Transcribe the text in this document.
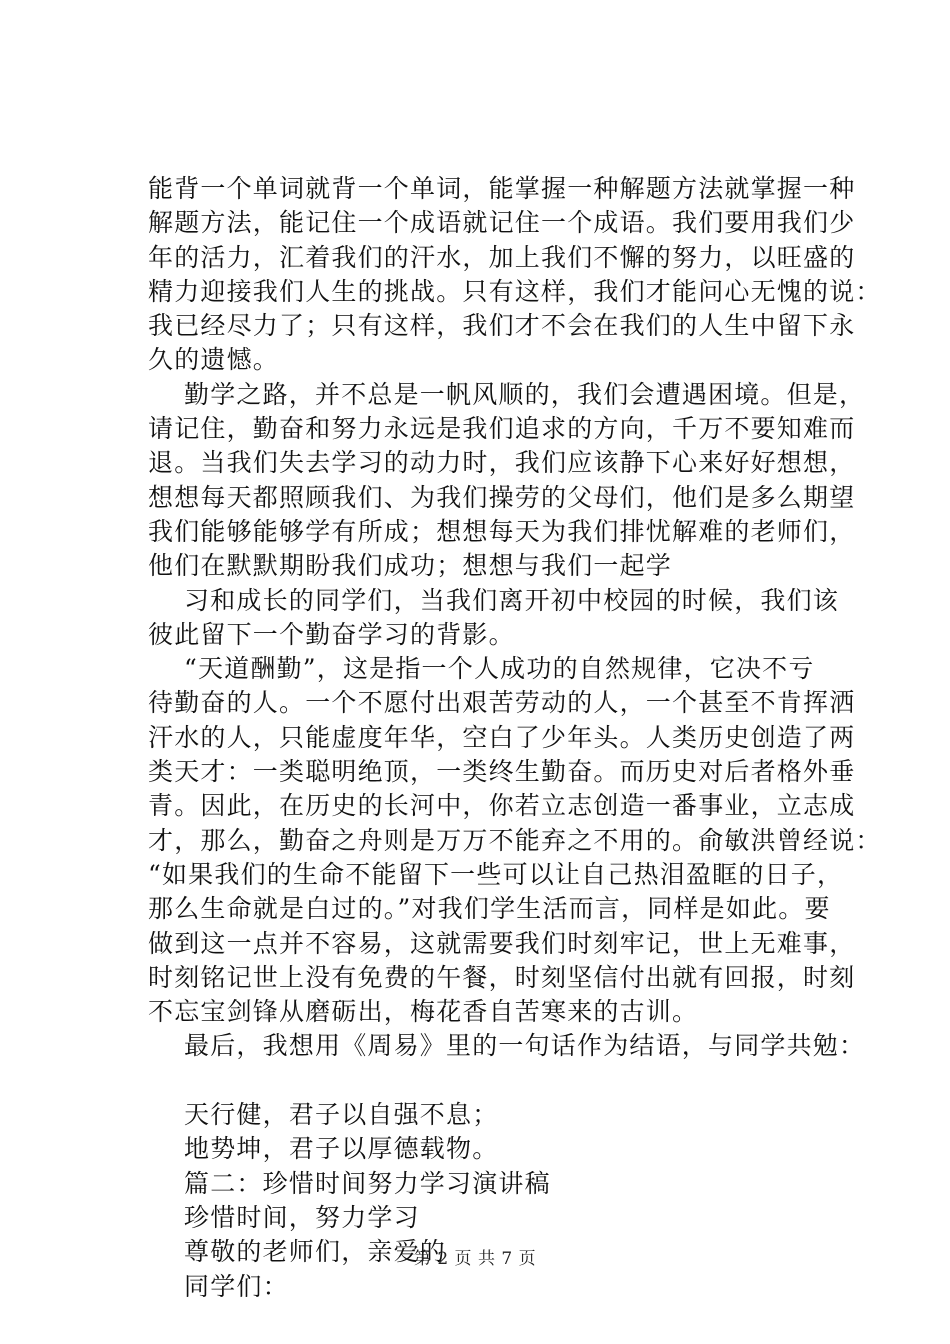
能背一个单词就背一个单词，能掌握一种解题方法就掌握一种
解题方法，能记住一个成语就记住一个成语。我们要用我们少
年的活力，汇着我们的汗水，加上我们不懈的努力，以旺盛的
精力迎接我们人生的挑战。只有这样，我们才能问心无愧的说：
我已经尽力了；只有这样，我们才不会在我们的人生中留下永
久的遗憾。
勤学之路，并不总是一帆风顺的，我们会遭遇困境。但是，
请记住，勤奋和努力永远是我们追求的方向，千万不要知难而
退。当我们失去学习的动力时，我们应该静下心来好好想想，
想想每天都照顾我们、为我们操劳的父母们，他们是多么期望
我们能够能够学有所成；想想每天为我们排忧解难的老师们，
他们在默默期盼我们成功；想想与我们一起学
习和成长的同学们，当我们离开初中校园的时候，我们该
彼此留下一个勤奋学习的背影。
“天道酬勤”，这是指一个人成功的自然规律，它决不亏
待勤奋的人。一个不愿付出艰苦劳动的人，一个甚至不肯挥洒
汗水的人，只能虚度年华，空白了少年头。人类历史创造了两
类天才：一类聪明绝顶，一类终生勤奋。而历史对后者格外垂
青。因此，在历史的长河中，你若立志创造一番事业，立志成
才，那么，勤奋之舟则是万万不能弃之不用的。俞敏洪曾经说：
“如果我们的生命不能留下一些可以让自己热泪盈眶的日子，
那么生命就是白过的。”对我们学生活而言，同样是如此。要
做到这一点并不容易，这就需要我们时刻牢记，世上无难事，
时刻铭记世上没有免费的午餐，时刻坚信付出就有回报，时刻
不忘宝剑锋从磨砺出，梅花香自苦寒来的古训。
最后，我想用《周易》里的一句话作为结语，与同学共勉：

天行健，君子以自强不息；
地势坤，君子以厚德载物。
篇二：珍惜时间努力学习演讲稿
珍惜时间，努力学习
尊敬的老师们，亲爱的
同学们：
第 2 页 共 7 页
